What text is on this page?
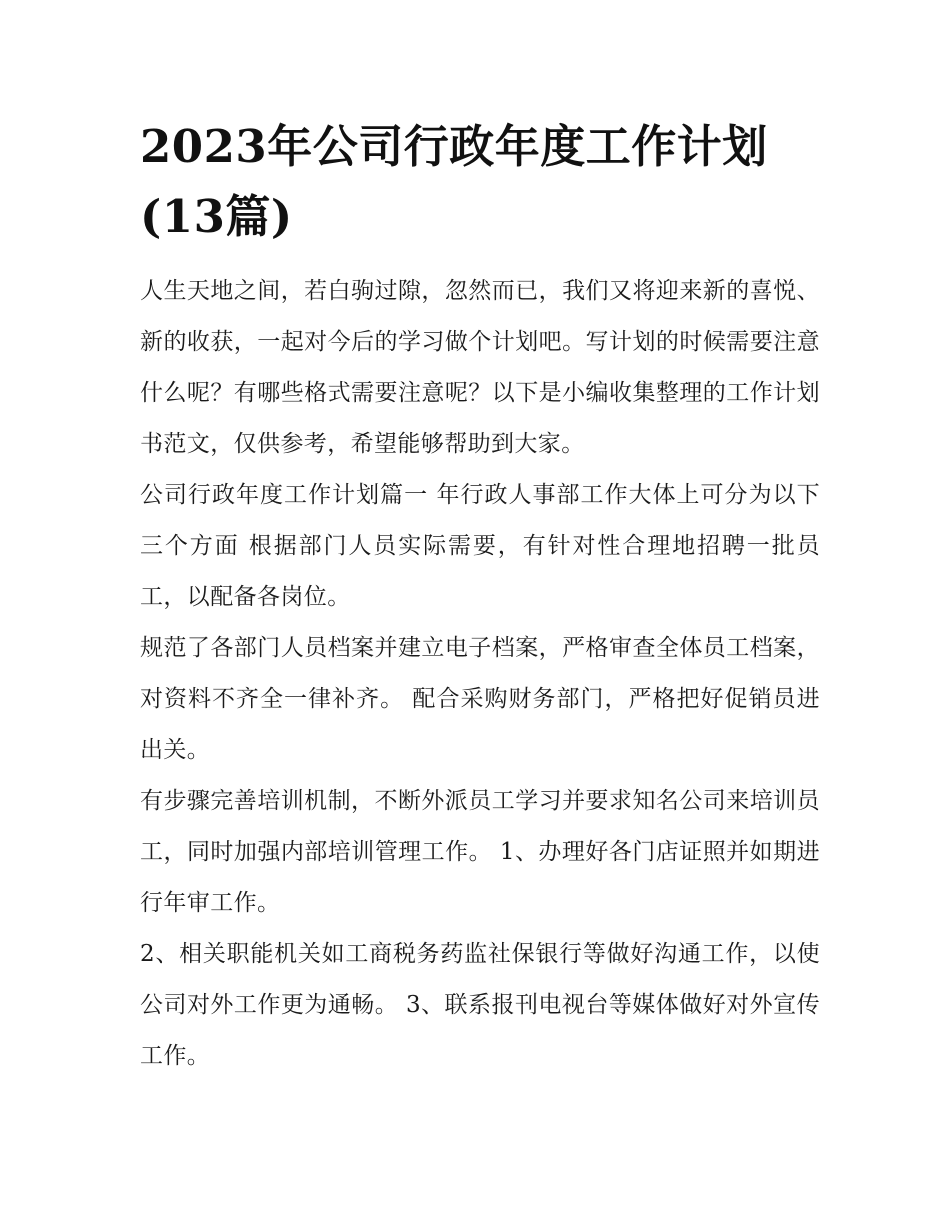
2023年公司行政年度工作计划(13篇)

人生天地之间，若白驹过隙，忽然而已，我们又将迎来新的喜悦、新的收获，一起对今后的学习做个计划吧。写计划的时候需要注意什么呢？有哪些格式需要注意呢？以下是小编收集整理的工作计划书范文，仅供参考，希望能够帮助到大家。

公司行政年度工作计划篇一 年行政人事部工作大体上可分为以下三个方面 根据部门人员实际需要，有针对性合理地招聘一批员工，以配备各岗位。

规范了各部门人员档案并建立电子档案，严格审查全体员工档案，对资料不齐全一律补齐。 配合采购财务部门，严格把好促销员进出关。

有步骤完善培训机制，不断外派员工学习并要求知名公司来培训员工，同时加强内部培训管理工作。 1、办理好各门店证照并如期进行年审工作。

2、相关职能机关如工商税务药监社保银行等做好沟通工作，以使公司对外工作更为通畅。 3、联系报刊电视台等媒体做好对外宣传工作。
